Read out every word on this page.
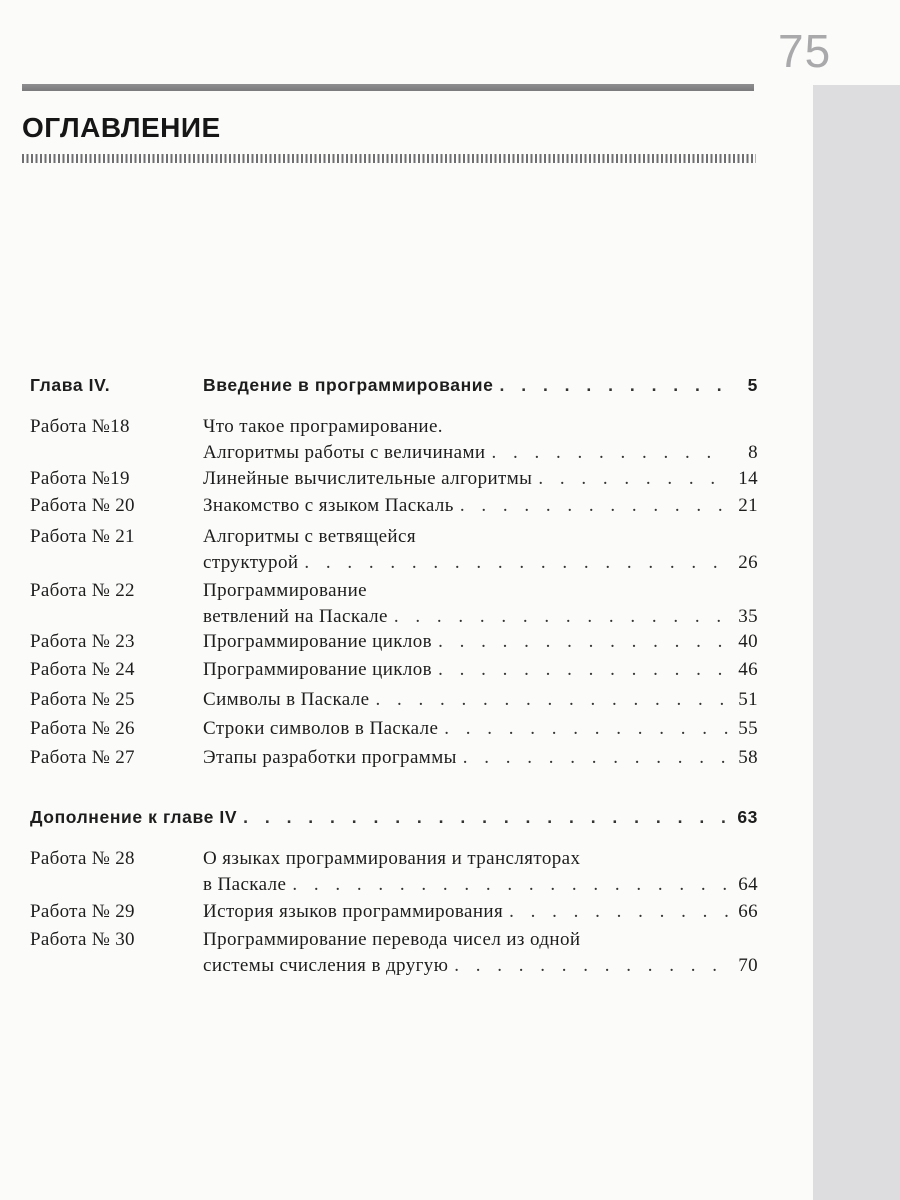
75
ОГЛАВЛЕНИЕ
Глава IV.	Введение в программирование . . .	5
Работа №18	Что такое програмирование.
Алгоритмы работы с величинами . . .	8
Работа №19	Линейные вычислительные алгоритмы . . .	14
Работа № 20	Знакомство с языком Паскаль . . .	21
Работа № 21	Алгоритмы с ветвящейся
структурой . . .	26
Работа № 22	Программирование
ветвлений на Паскале . . .	35
Работа № 23	Программирование циклов . . .	40
Работа № 24	Программирование циклов . . .	46
Работа № 25	Символы в Паскале . . .	51
Работа № 26	Строки символов в Паскале . . .	55
Работа № 27	Этапы разработки программы . . .	58
Дополнение к главе IV . . .	63
Работа № 28	О языках программирования и трансляторах
в Паскале . . .	64
Работа № 29	История языков программирования . . .	66
Работа № 30	Программирование перевода чисел из одной
системы счисления в другую . . .	70
